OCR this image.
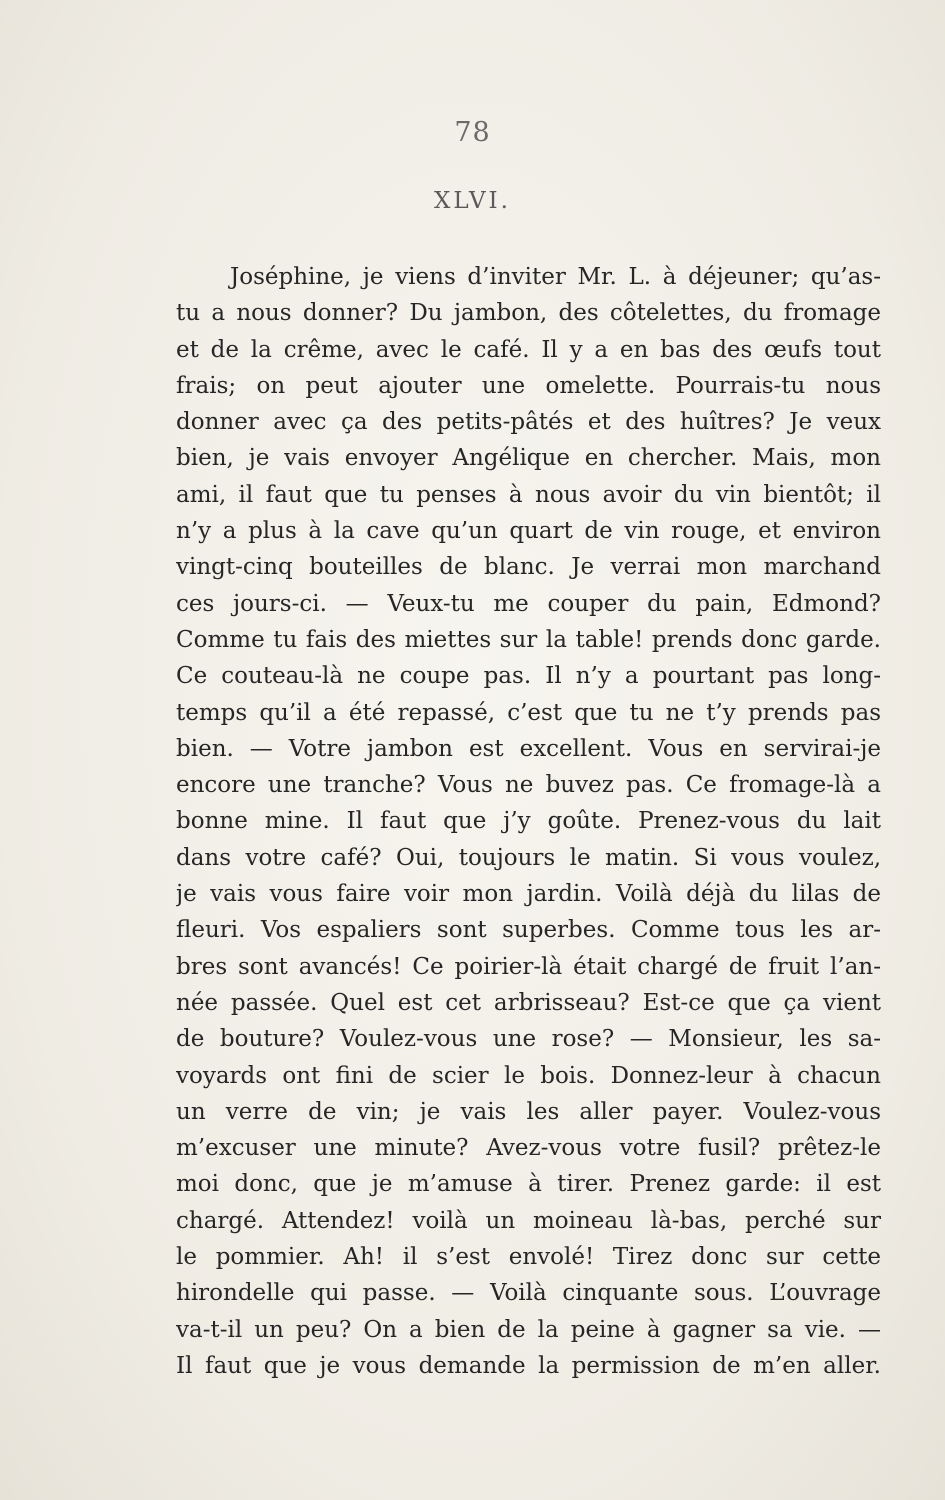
78
XLVI.
Joséphine, je viens d’inviter Mr. L. à déjeuner; qu’as-
tu a nous donner? Du jambon, des côtelettes, du fromage
et de la crême, avec le café. Il y a en bas des œufs tout
frais; on peut ajouter une omelette. Pourrais-tu nous
donner avec ça des petits-pâtés et des huîtres? Je veux
bien, je vais envoyer Angélique en chercher. Mais, mon
ami, il faut que tu penses à nous avoir du vin bientôt; il
n’y a plus à la cave qu’un quart de vin rouge, et environ
vingt-cinq bouteilles de blanc. Je verrai mon marchand
ces jours-ci. — Veux-tu me couper du pain, Edmond?
Comme tu fais des miettes sur la table! prends donc garde.
Ce couteau-là ne coupe pas. Il n’y a pourtant pas long-
temps qu’il a été repassé, c’est que tu ne t’y prends pas
bien. — Votre jambon est excellent. Vous en servirai-je
encore une tranche? Vous ne buvez pas. Ce fromage-là a
bonne mine. Il faut que j’y goûte. Prenez-vous du lait
dans votre café? Oui, toujours le matin. Si vous voulez,
je vais vous faire voir mon jardin. Voilà déjà du lilas de
fleuri. Vos espaliers sont superbes. Comme tous les ar-
bres sont avancés! Ce poirier-là était chargé de fruit l’an-
née passée. Quel est cet arbrisseau? Est-ce que ça vient
de bouture? Voulez-vous une rose? — Monsieur, les sa-
voyards ont fini de scier le bois. Donnez-leur à chacun
un verre de vin; je vais les aller payer. Voulez-vous
m’excuser une minute? Avez-vous votre fusil? prêtez-le
moi donc, que je m’amuse à tirer. Prenez garde: il est
chargé. Attendez! voilà un moineau là-bas, perché sur
le pommier. Ah! il s’est envolé! Tirez donc sur cette
hirondelle qui passe. — Voilà cinquante sous. L’ouvrage
va-t-il un peu? On a bien de la peine à gagner sa vie. —
Il faut que je vous demande la permission de m’en aller.
